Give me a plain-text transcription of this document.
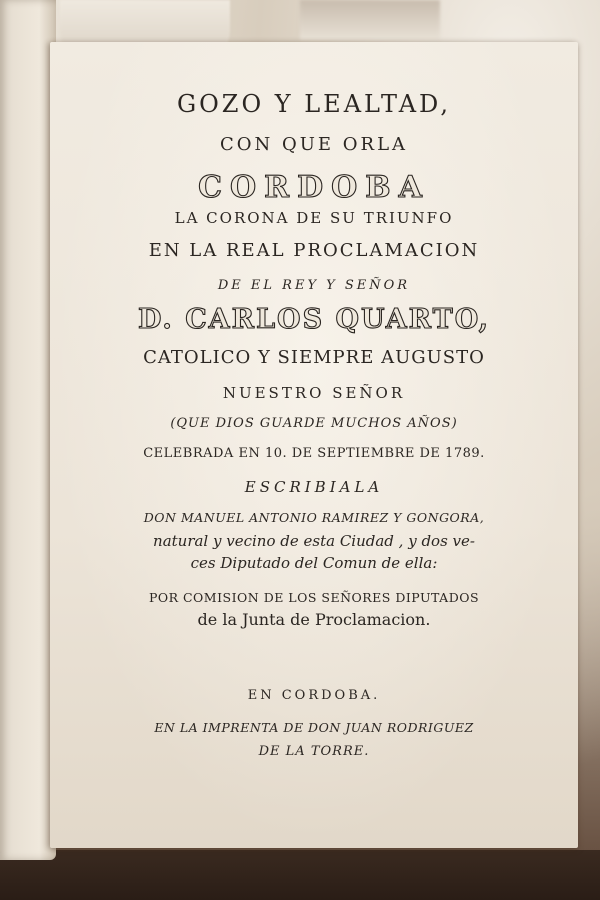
GOZO Y LEALTAD,
CON QUE ORLA
CORDOBA
LA CORONA DE SU TRIUNFO
EN LA REAL PROCLAMACION
DE EL REY Y SEÑOR
D. CARLOS QUARTO,
CATOLICO Y SIEMPRE AUGUSTO
NUESTRO SEÑOR
(QUE DIOS GUARDE MUCHOS AÑOS)
CELEBRADA EN 10. DE SEPTIEMBRE DE 1789.
ESCRIBIALA
DON MANUEL ANTONIO RAMIREZ Y GONGORA,
natural y vecino de esta Ciudad , y dos ve-
ces Diputado del Comun de ella:
POR COMISION DE LOS SEÑORES DIPUTADOS
de la Junta de Proclamacion.
EN CORDOBA.
EN LA IMPRENTA DE DON JUAN RODRIGUEZ
DE LA TORRE.
